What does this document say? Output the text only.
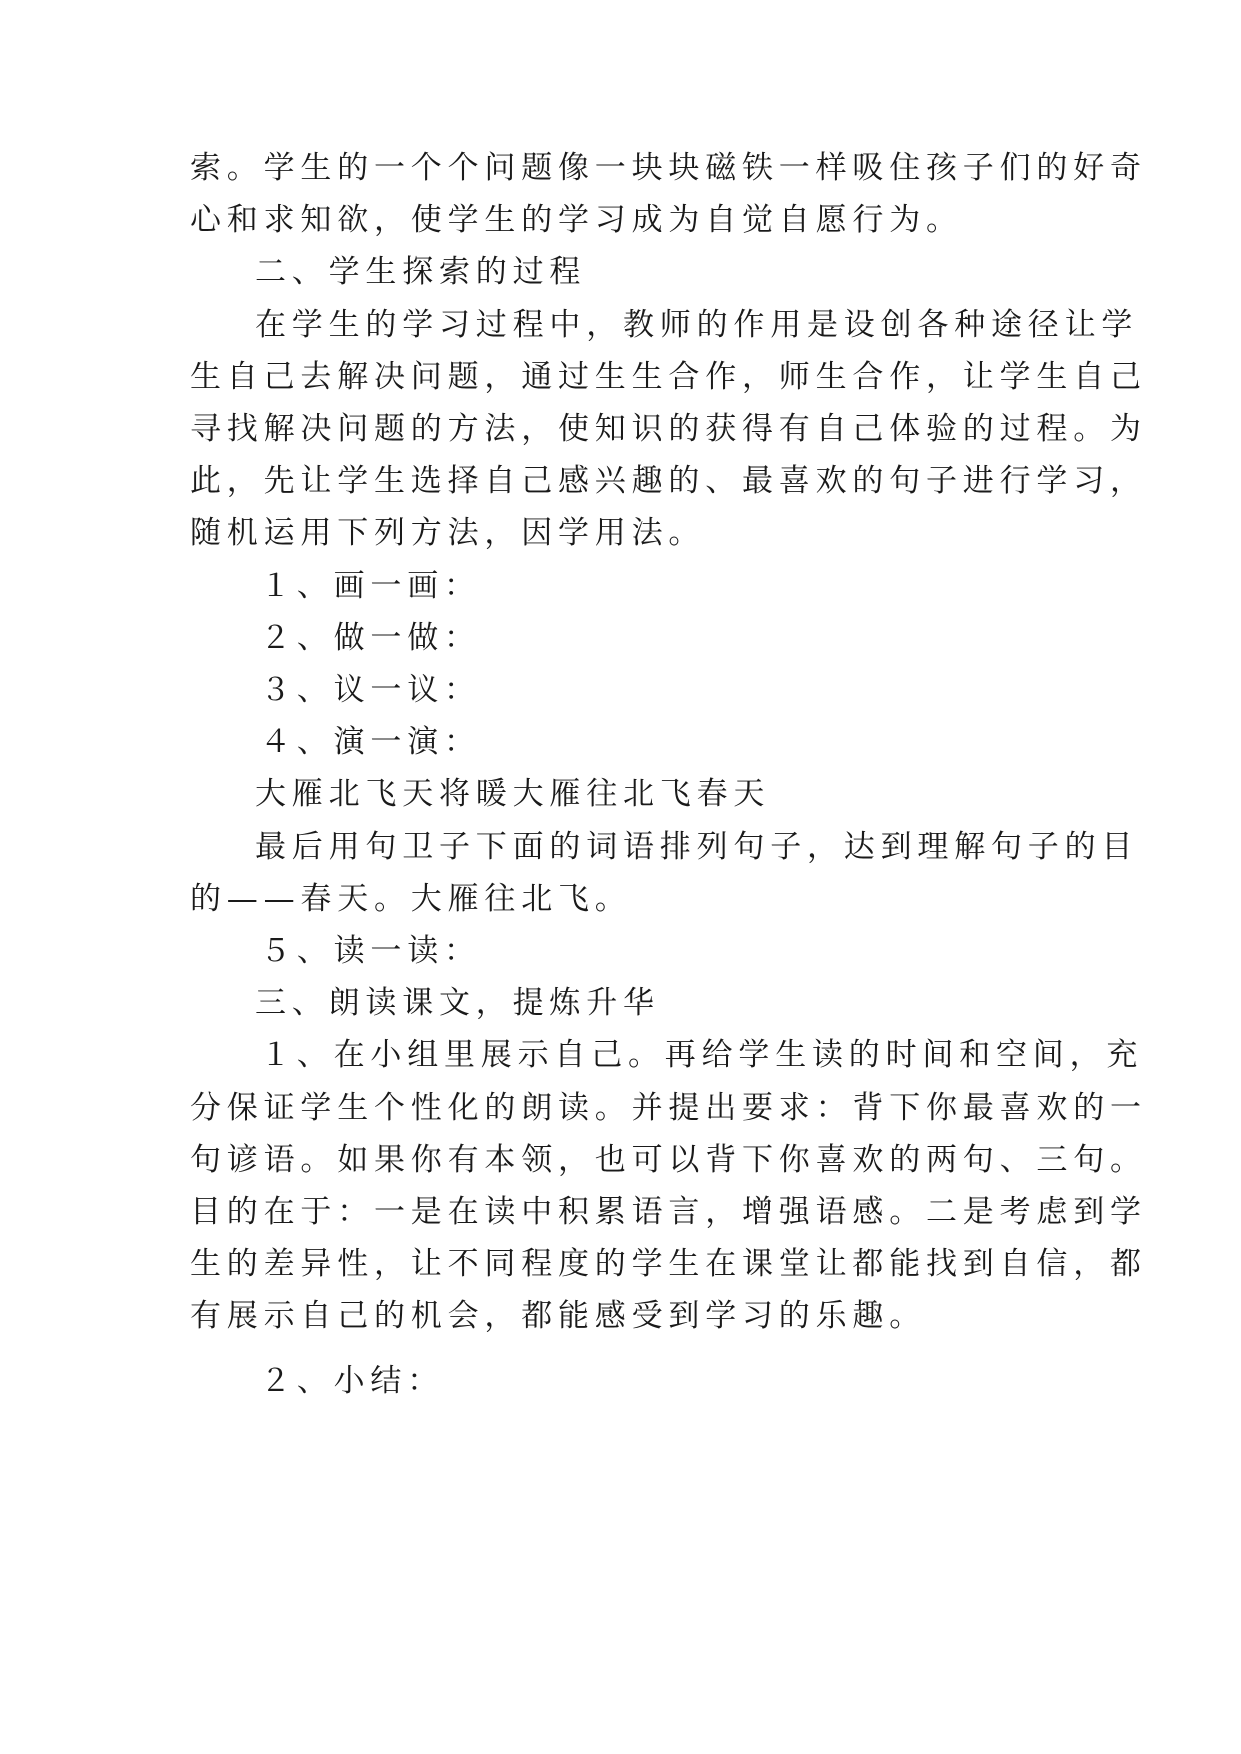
索。学生的一个个问题像一块块磁铁一样吸住孩子们的好奇
心和求知欲，使学生的学习成为自觉自愿行为。
二、学生探索的过程
在学生的学习过程中，教师的作用是设创各种途径让学
生自己去解决问题，通过生生合作，师生合作，让学生自己
寻找解决问题的方法，使知识的获得有自己体验的过程。为
此，先让学生选择自己感兴趣的、最喜欢的句子进行学习，
随机运用下列方法，因学用法。
１、画一画：
２、做一做：
３、议一议：
４、演一演：
大雁北飞天将暖大雁往北飞春天
最后用句卫子下面的词语排列句子，达到理解句子的目
的——春天。大雁往北飞。
５、读一读：
三、朗读课文，提炼升华
１、在小组里展示自己。再给学生读的时间和空间，充
分保证学生个性化的朗读。并提出要求：背下你最喜欢的一
句谚语。如果你有本领，也可以背下你喜欢的两句、三句。
目的在于：一是在读中积累语言，增强语感。二是考虑到学
生的差异性，让不同程度的学生在课堂让都能找到自信，都
有展示自己的机会，都能感受到学习的乐趣。
２、小结：
